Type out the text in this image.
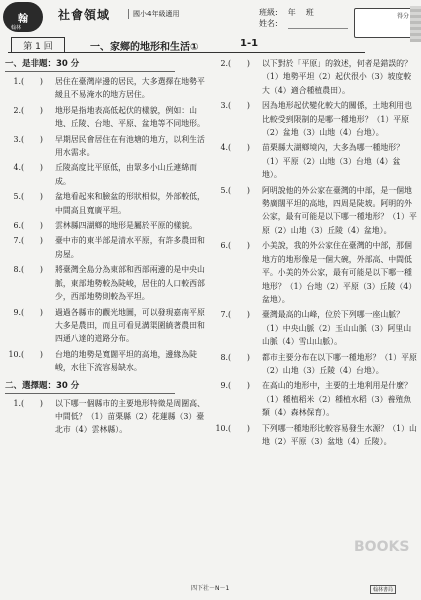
翰
翰林
社會領域	國小4年級適用	班級: 年 班
姓名:
得分
第 1 回	一、家鄉的地形和生活①	1-1
一、是非題：30 分
1. (　　)	居住在臺灣岸邊的居民，大多選擇在地勢平緩且不易淹水的地方居住。
2. (　　)	地形是指地表高低起伏的樣貌，例如：山地、丘陵、台地、平原、盆地等不同地形。
3. (　　)	早期居民會居住在有池塘的地方，以利生活用水需求。
4. (　　)	丘陵高度比平原低，由眾多小山丘連綿而成。
5. (　　)	盆地看起來和臉盆的形狀相似，外部較低，中間高且寬廣平坦。
6. (　　)	雲林縣四湖鄉的地形是屬於平原的樣貌。
7. (　　)	臺中市的東半部是清水平原，有許多農田和房屋。
8. (　　)	將臺灣全島分為東部和西部兩邊的是中央山脈，東部地勢較為陡峻，居住的人口較西部少，西部地勢則較為平坦。
9. (　　)	過過各縣市的觀光地圖，可以發現嘉南平原大多是農田，而且可看見溝渠圍繞著農田和四通八達的道路分布。
10. (　　)	台地的地勢是寬闊平坦的高地，邊緣為陡峻，水往下流容易缺水。
二、選擇題：30 分
1. (　　)	以下哪一個縣市的主要地形特徵是周圍高、中間低？（1）苗栗縣（2）花蓮縣（3）臺北市（4）雲林縣）。
2. (　　)	以下對於「平原」的敘述，何者是錯誤的？（1）地勢平坦（2）起伏很小（3）坡度較大（4）適合種植農田）。
3. (　　)	因為地形起伏變化較大的關係，土地利用也比較受到限制的是哪一種地形？（1）平原（2）盆地（3）山地（4）台地）。
4. (　　)	苗栗縣大湖鄉境內，大多為哪一種地形？（1）平原（2）山地（3）台地（4）盆地）。
5. (　　)	阿明說他的外公家在臺灣的中部，是一個地勢廣闊平坦的高地，四周是陡坡。阿明的外公家，最有可能是以下哪一種地形？（1）平原（2）山地（3）丘陵（4）盆地）。
6. (　　)	小美說，我的外公家住在臺灣的中部，那個地方的地形像是一個大碗，外部高、中間低平。小美的外公家，最有可能是以下哪一種地形？（1）台地（2）平原（3）丘陵（4）盆地）。
7. (　　)	臺灣最高的山峰，位於下列哪一座山脈？（1）中央山脈（2）玉山山脈（3）阿里山山脈（4）雪山山脈）。
8. (　　)	都市主要分布在以下哪一種地形？（1）平原（2）山地（3）丘陵（4）台地）。
9. (　　)	在高山的地形中，主要的土地利用是什麼？（1）種植稻米（2）種植水稻（3）養殖魚類（4）森林保育）。
10. (　　)	下列哪一種地形比較容易發生水源？（1）山地（2）平原（3）盆地（4）丘陵）。
BOOKS
四下社－N－1	翰林書局
